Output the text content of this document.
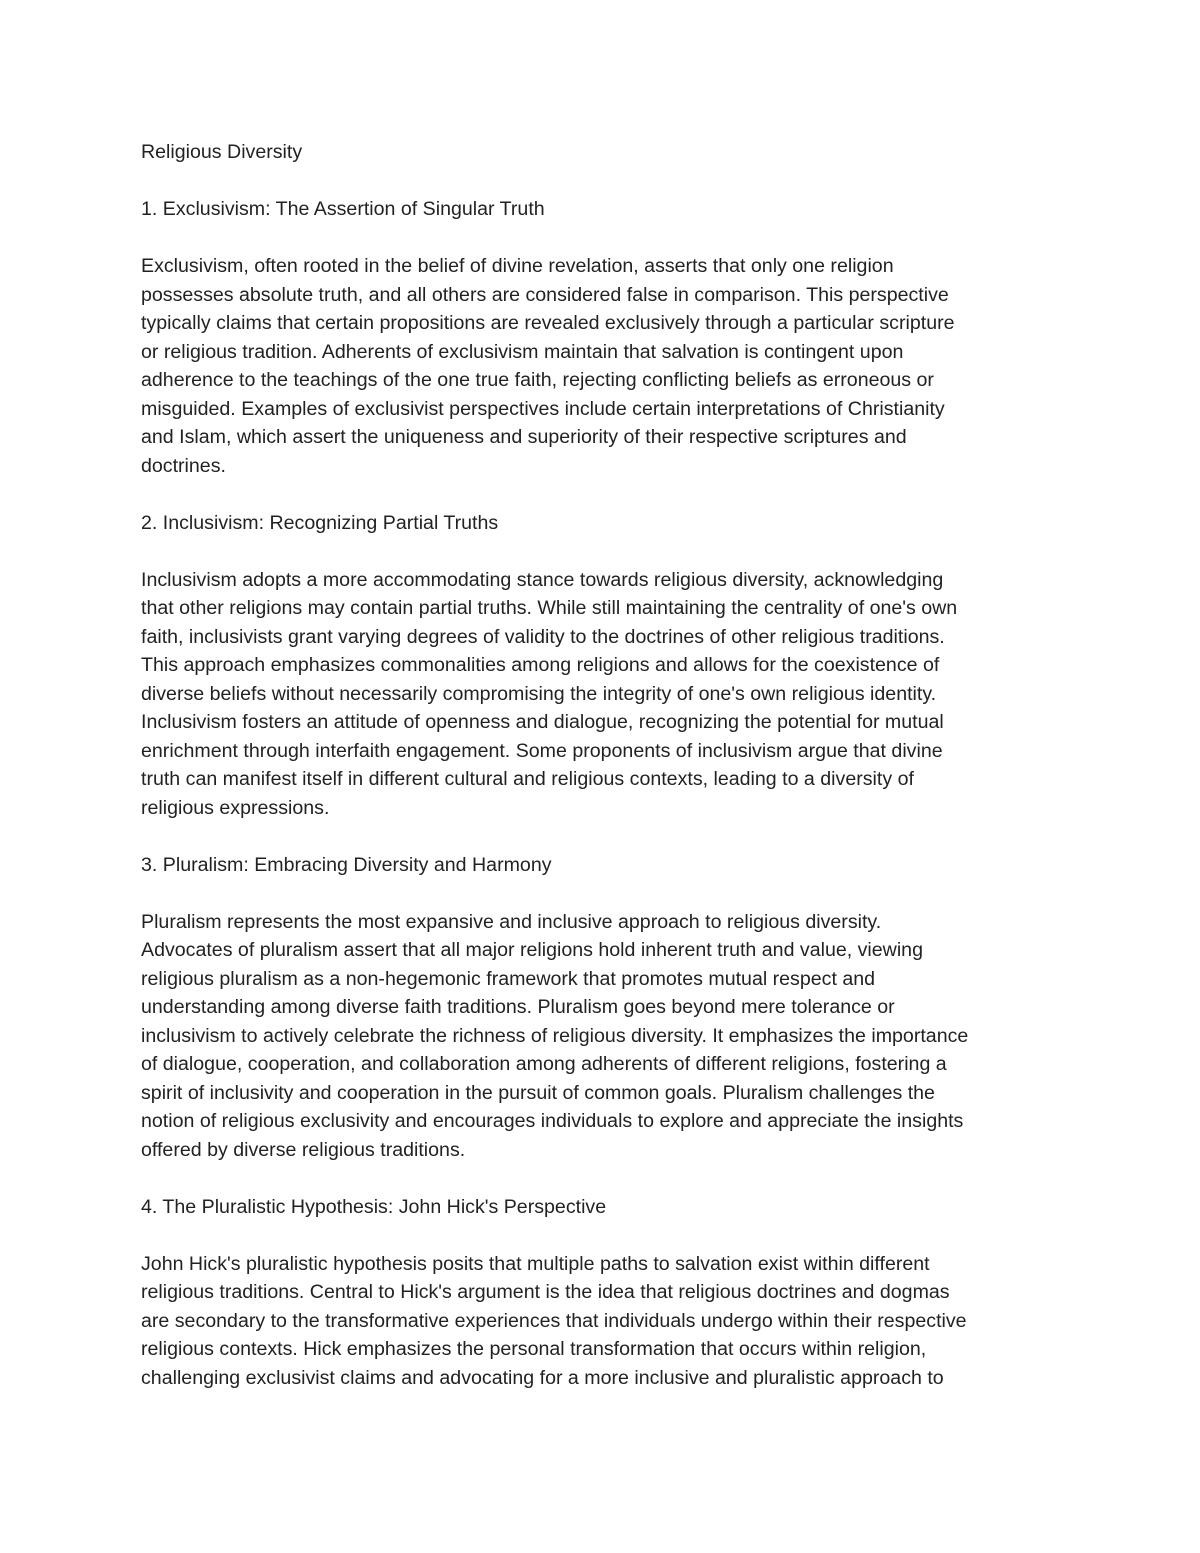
Religious Diversity

1. Exclusivism: The Assertion of Singular Truth

Exclusivism, often rooted in the belief of divine revelation, asserts that only one religion
possesses absolute truth, and all others are considered false in comparison. This perspective
typically claims that certain propositions are revealed exclusively through a particular scripture
or religious tradition. Adherents of exclusivism maintain that salvation is contingent upon
adherence to the teachings of the one true faith, rejecting conflicting beliefs as erroneous or
misguided. Examples of exclusivist perspectives include certain interpretations of Christianity
and Islam, which assert the uniqueness and superiority of their respective scriptures and
doctrines.

2. Inclusivism: Recognizing Partial Truths

Inclusivism adopts a more accommodating stance towards religious diversity, acknowledging
that other religions may contain partial truths. While still maintaining the centrality of one's own
faith, inclusivists grant varying degrees of validity to the doctrines of other religious traditions.
This approach emphasizes commonalities among religions and allows for the coexistence of
diverse beliefs without necessarily compromising the integrity of one's own religious identity.
Inclusivism fosters an attitude of openness and dialogue, recognizing the potential for mutual
enrichment through interfaith engagement. Some proponents of inclusivism argue that divine
truth can manifest itself in different cultural and religious contexts, leading to a diversity of
religious expressions.

3. Pluralism: Embracing Diversity and Harmony

Pluralism represents the most expansive and inclusive approach to religious diversity.
Advocates of pluralism assert that all major religions hold inherent truth and value, viewing
religious pluralism as a non-hegemonic framework that promotes mutual respect and
understanding among diverse faith traditions. Pluralism goes beyond mere tolerance or
inclusivism to actively celebrate the richness of religious diversity. It emphasizes the importance
of dialogue, cooperation, and collaboration among adherents of different religions, fostering a
spirit of inclusivity and cooperation in the pursuit of common goals. Pluralism challenges the
notion of religious exclusivity and encourages individuals to explore and appreciate the insights
offered by diverse religious traditions.

4. The Pluralistic Hypothesis: John Hick's Perspective

John Hick's pluralistic hypothesis posits that multiple paths to salvation exist within different
religious traditions. Central to Hick's argument is the idea that religious doctrines and dogmas
are secondary to the transformative experiences that individuals undergo within their respective
religious contexts. Hick emphasizes the personal transformation that occurs within religion,
challenging exclusivist claims and advocating for a more inclusive and pluralistic approach to
